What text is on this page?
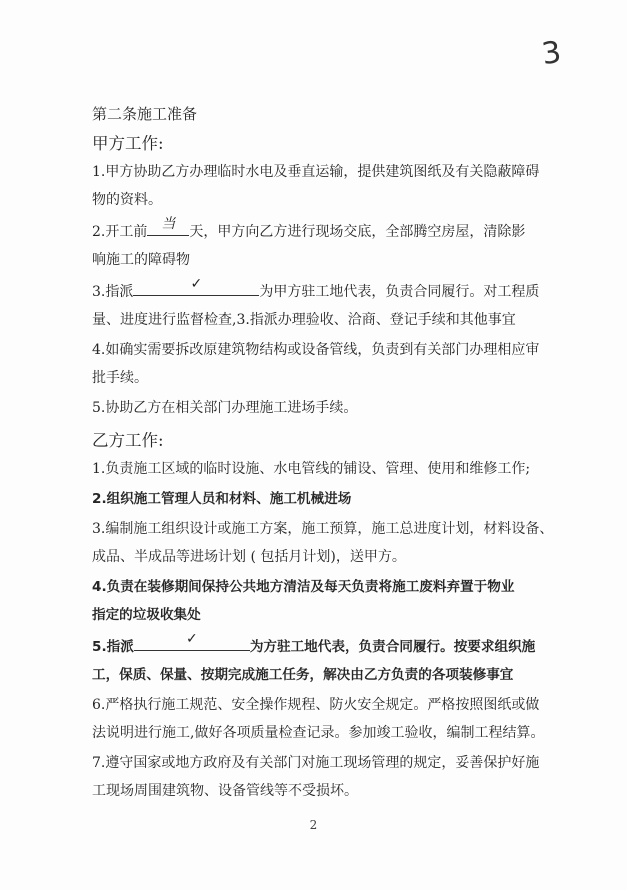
3
第二条施工准备
甲方工作:
1.甲方协助乙方办理临时水电及垂直运输，提供建筑图纸及有关隐蔽障碍
物的资料。
2.开工前	当	天，甲方向乙方进行现场交底，全部腾空房屋，清除影
响施工的障碍物
3.指派	✓	为甲方驻工地代表，负责合同履行。对工程质
量、进度进行监督检查,3.指派办理验收、洽商、登记手续和其他事宜
4.如确实需要拆改原建筑物结构或设备管线，负责到有关部门办理相应审
批手续。
5.协助乙方在相关部门办理施工进场手续。
乙方工作:
1.负责施工区域的临时设施、水电管线的铺设、管理、使用和维修工作;
2.组织施工管理人员和材料、施工机械进场
3.编制施工组织设计或施工方案，施工预算，施工总进度计划，材料设备、
成品、半成品等进场计划 ( 包括月计划)，送甲方。
4.负责在装修期间保持公共地方清洁及每天负责将施工废料弃置于物业
指定的垃圾收集处
5.指派	✓	为方驻工地代表，负责合同履行。按要求组织施
工，保质、保量、按期完成施工任务，解决由乙方负责的各项装修事宜
6.严格执行施工规范、安全操作规程、防火安全规定。严格按照图纸或做
法说明进行施工,做好各项质量检查记录。参加竣工验收，编制工程结算。
7.遵守国家或地方政府及有关部门对施工现场管理的规定，妥善保护好施
工现场周围建筑物、设备管线等不受损坏。
2
